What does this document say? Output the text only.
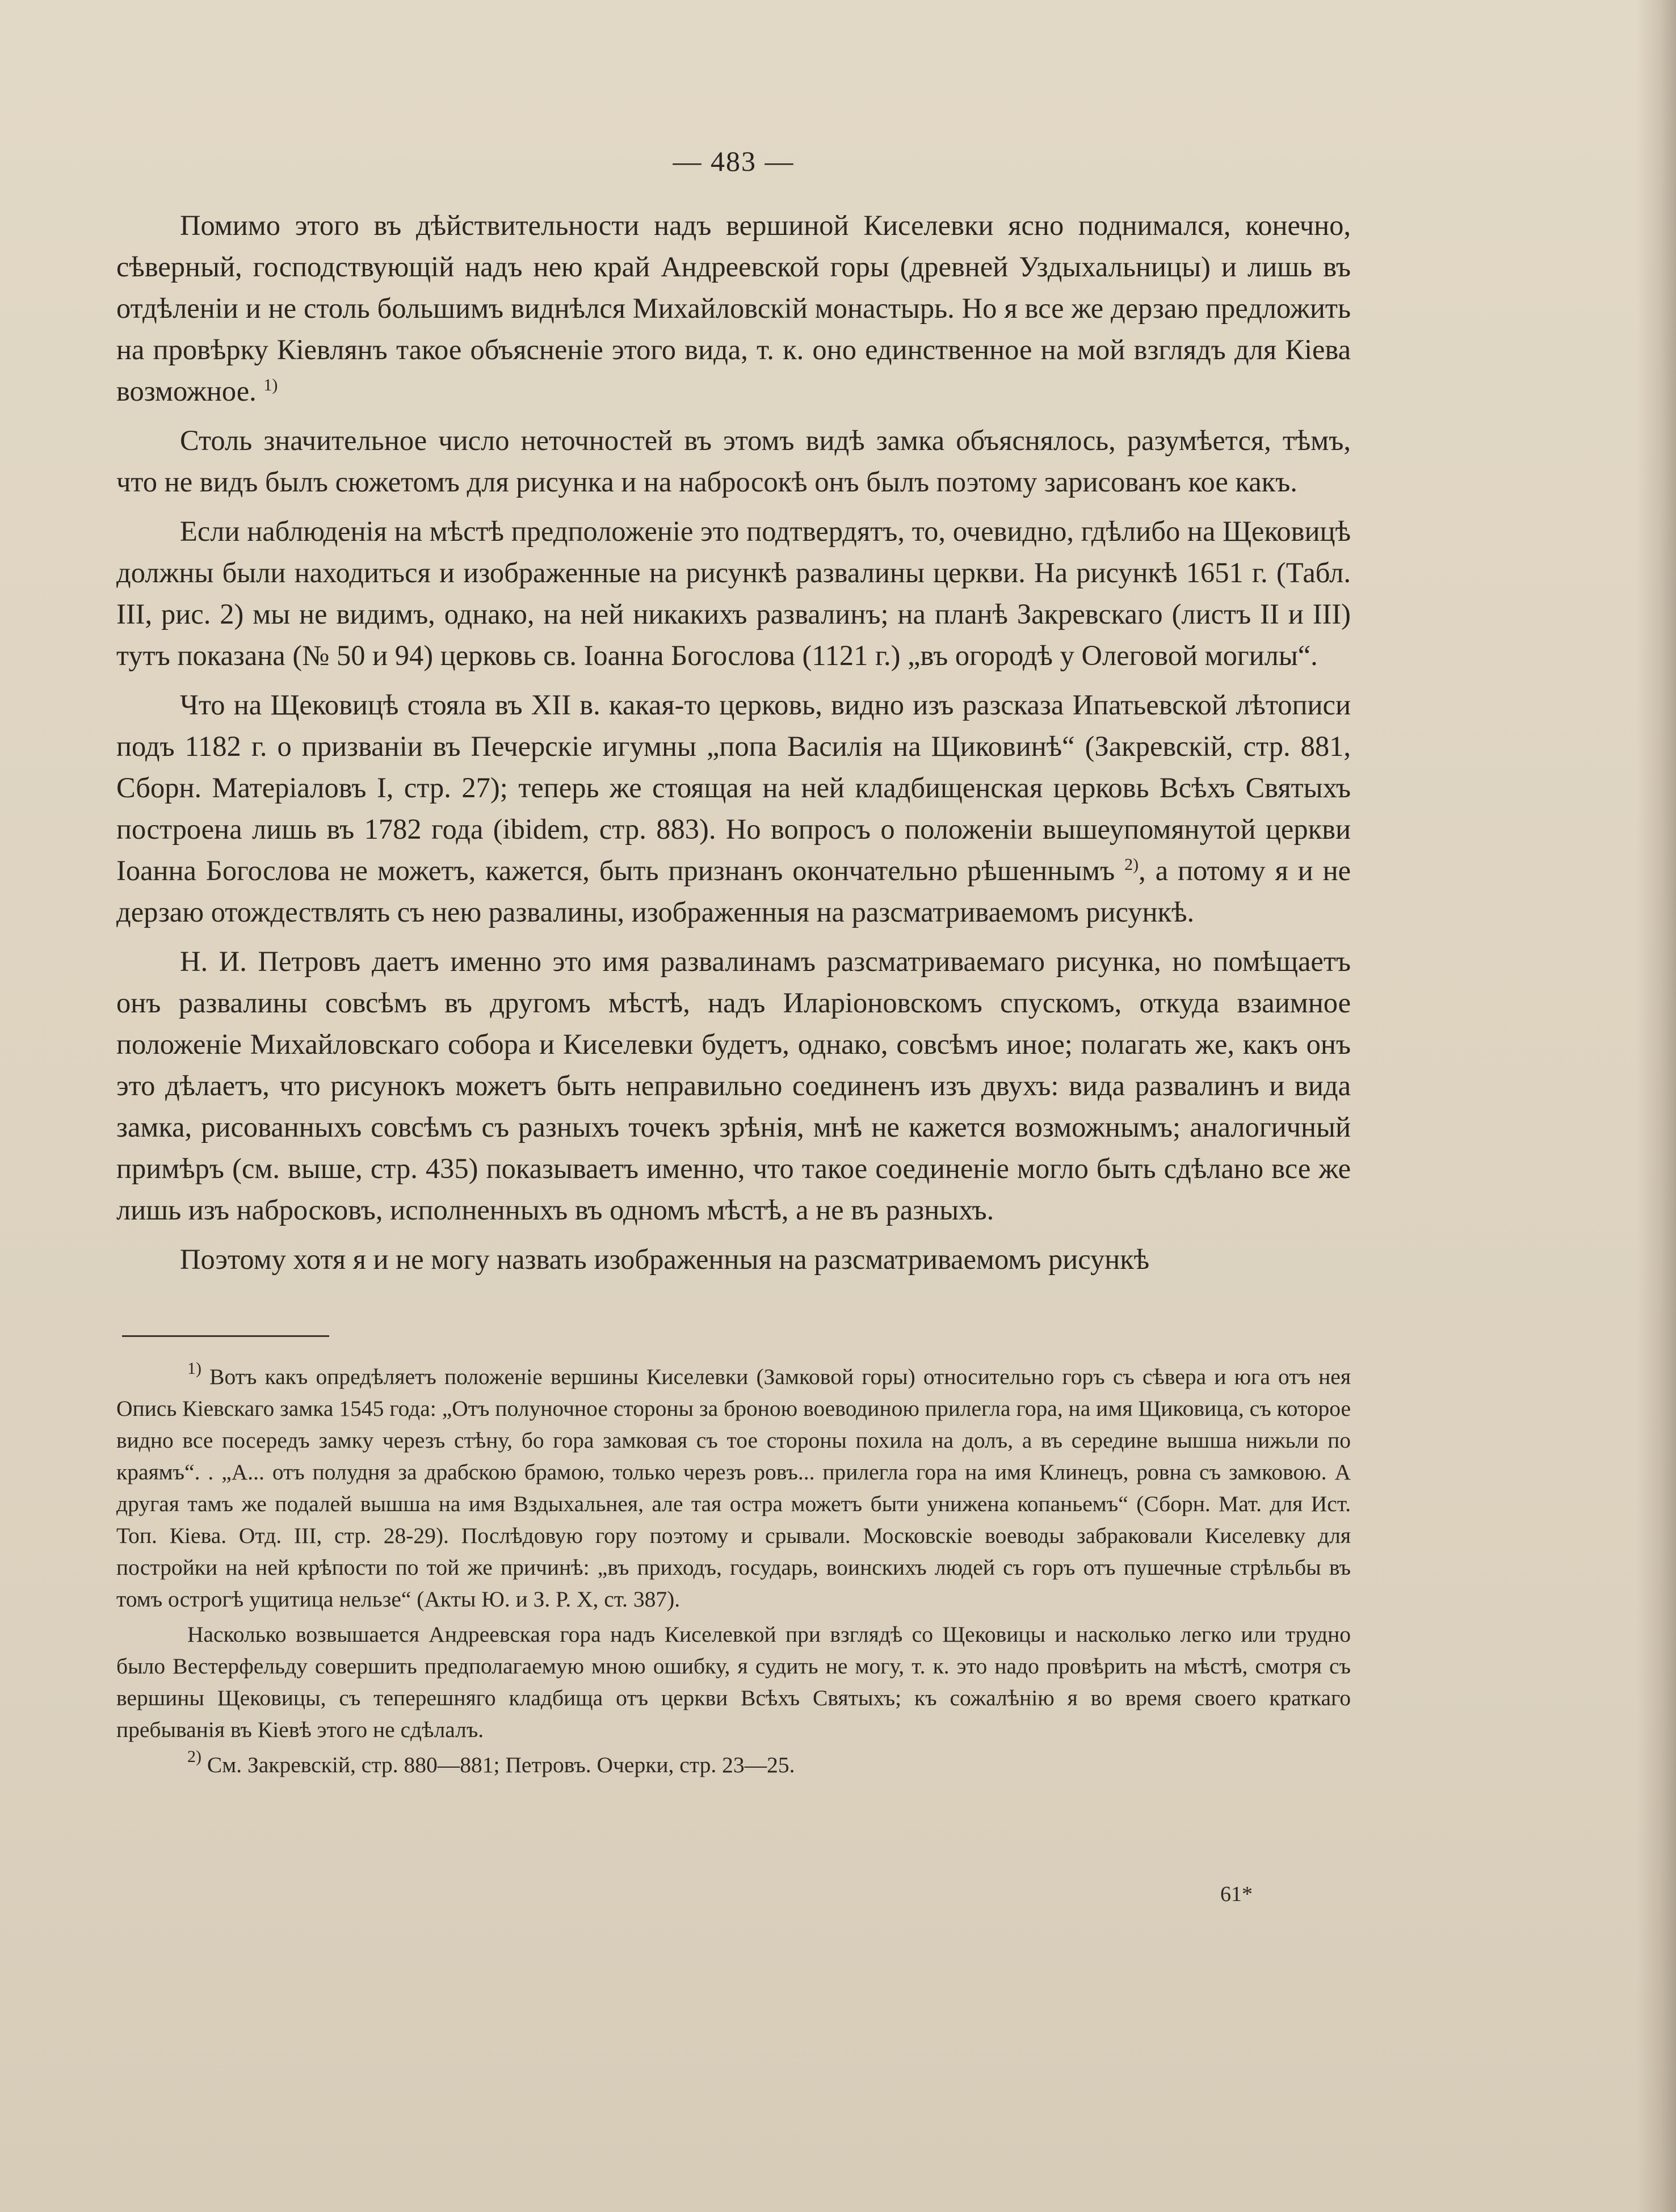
— 483 —

Помимо этого въ дѣйствительности надъ вершиной Киселевки ясно поднимался, конечно, сѣверный, господствующій надъ нею край Андреевской горы (древней Уздыхальницы) и лишь въ отдѣленіи и не столь большимъ виднѣлся Михайловскій монастырь. Но я все же дерзаю предложить на провѣрку Кіевлянъ такое объясненіе этого вида, т. к. оно единственное на мой взглядъ для Кіева возможное. $^{1)}$

Столь значительное число неточностей въ этомъ видѣ замка объяснялось, разумѣется, тѣмъ, что не видъ былъ сюжетомъ для рисунка и на набросокѣ онъ былъ поэтому зарисованъ кое какъ.

Если наблюденія на мѣстѣ предположеніе это подтвердятъ, то, очевидно, гдѣлибо на Щековицѣ должны были находиться и изображенные на рисункѣ развалины церкви. На рисункѣ 1651 г. (Табл. III, рис. 2) мы не видимъ, однако, на ней никакихъ развалинъ; на планѣ Закревскаго (листъ II и III) тутъ показана (№ 50 и 94) церковь св. Іоанна Богослова (1121 г.) „въ огородѣ у Олеговой могилы“.

Что на Щековицѣ стояла въ XII в. какая-то церковь, видно изъ разсказа Ипатьевской лѣтописи подъ 1182 г. о призваніи въ Печерскіе игумны „попа Василія на Щиковинѣ“ (Закревскій, стр. 881, Сборн. Матеріаловъ I, стр. 27); теперь же стоящая на ней кладбищенская церковь Всѣхъ Святыхъ построена лишь въ 1782 года (ibidem, стр. 883). Но вопросъ о положеніи вышеупомянутой церкви Іоанна Богослова не можетъ, кажется, быть признанъ окончательно рѣшеннымъ $^{2)}$, а потому я и не дерзаю отождествлять съ нею развалины, изображенныя на разсматриваемомъ рисункѣ.

Н. И. Петровъ даетъ именно это имя развалинамъ разсматриваемаго рисунка, но помѣщаетъ онъ развалины совсѣмъ въ другомъ мѣстѣ, надъ Иларіоновскомъ спускомъ, откуда взаимное положеніе Михайловскаго собора и Киселевки будетъ, однако, совсѣмъ иное; полагать же, какъ онъ это дѣлаетъ, что рисунокъ можетъ быть неправильно соединенъ изъ двухъ: вида развалинъ и вида замка, рисованныхъ совсѣмъ съ разныхъ точекъ зрѣнія, мнѣ не кажется возможнымъ; аналогичный примѣръ (см. выше, стр. 435) показываетъ именно, что такое соединеніе могло быть сдѣлано все же лишь изъ набросковъ, исполненныхъ въ одномъ мѣстѣ, а не въ разныхъ.

Поэтому хотя я и не могу назвать изображенныя на разсматриваемомъ рисункѣ

$^{1)}$ Вотъ какъ опредѣляетъ положеніе вершины Киселевки (Замковой горы) относительно горъ съ сѣвера и юга отъ нея Опись Кіевскаго замка 1545 года: „Отъ полуночное стороны за броною воеводиною прилегла гора, на имя Щиковица, съ которое видно все посередъ замку черезъ стѣну, бо гора замковая съ тое стороны похила на долъ, а въ середине вышша нижьли по краямъ“. . „А... отъ полудня за драбскою брамою, только черезъ ровъ... прилегла гора на имя Клинецъ, ровна съ замковою. А другая тамъ же подалей вышша на имя Вздыхальнея, але тая остра можетъ быти унижена копаньемъ“ (Сборн. Мат. для Ист. Топ. Кіева. Отд. III, стр. 28-29). Послѣдовую гору поэтому и срывали. Московскіе воеводы забраковали Киселевку для постройки на ней крѣпости по той же причинѣ: „въ приходъ, государь, воинскихъ людей съ горъ отъ пушечные стрѣльбы въ томъ острогѣ ущитица нельзе“ (Акты Ю. и З. Р. X, ст. 387).

Насколько возвышается Андреевская гора надъ Киселевкой при взглядѣ со Щековицы и насколько легко или трудно было Вестерфельду совершить предполагаемую мною ошибку, я судить не могу, т. к. это надо провѣрить на мѣстѣ, смотря съ вершины Щековицы, съ теперешняго кладбища отъ церкви Всѣхъ Святыхъ; къ сожалѣнію я во время своего краткаго пребыванія въ Кіевѣ этого не сдѣлалъ.

$^{2)}$ См. Закревскій, стр. 880—881; Петровъ. Очерки, стр. 23—25.

61*
